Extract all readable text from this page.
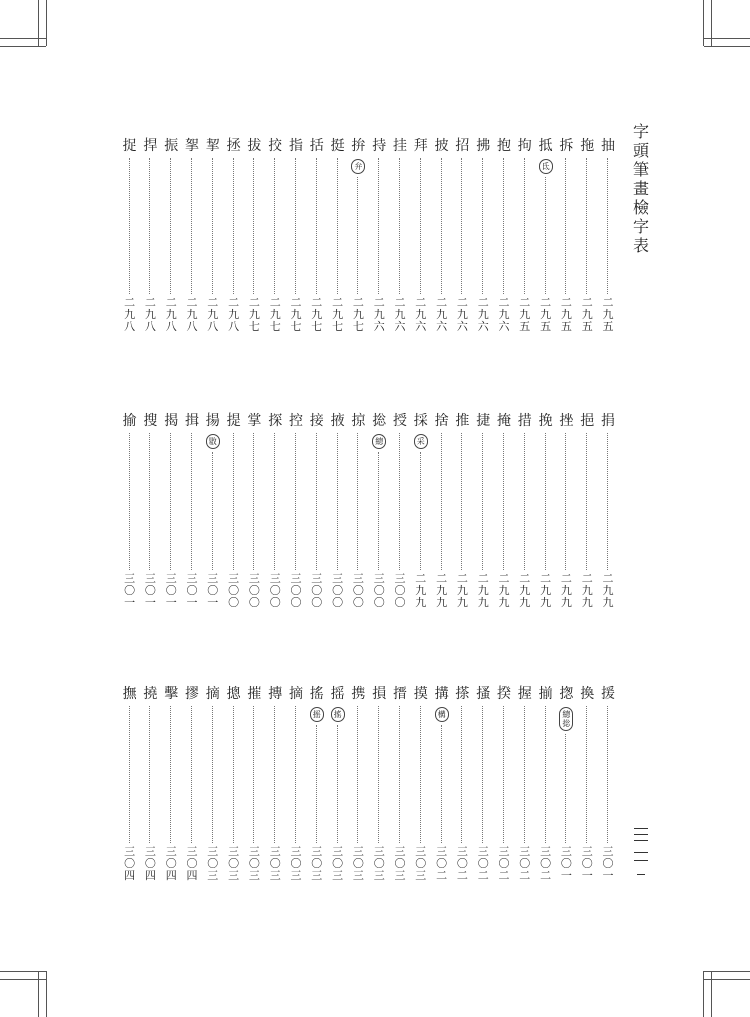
字
頭
筆
畫
檢
字
表
抽
二
九
五
拖
二
九
五
拆
二
九
五
抵
氐
二
九
五
拘
二
九
五
抱
二
九
六
拂
二
九
六
招
二
九
六
披
二
九
六
拜
二
九
六
挂
二
九
六
持
二
九
六
拚
弁
二
九
七
挺
二
九
七
括
二
九
七
指
二
九
七
挍
二
九
七
拔
二
九
七
拯
二
九
八
挈
二
九
八
挐
二
九
八
振
二
九
八
捍
二
九
八
捉
二
九
八
捐
二
九
九
挹
二
九
九
挫
二
九
九
挽
二
九
九
措
二
九
九
掩
二
九
九
捷
二
九
九
推
二
九
九
捨
二
九
九
採
采
二
九
九
授
三
〇
〇
捴
總
三
〇
〇
掠
三
〇
〇
掖
三
〇
〇
接
三
〇
〇
控
三
〇
〇
探
三
〇
〇
掌
三
〇
〇
提
三
〇
〇
揚
敭
三
〇
一
揖
三
〇
一
揭
三
〇
一
搜
三
〇
一
揄
三
〇
一
援
三
〇
一
換
三
〇
一
揔
總
捴
三
〇
一
揃
三
〇
二
握
三
〇
二
揆
三
〇
二
搔
三
〇
二
搽
三
〇
二
搆
構
三
〇
二
摸
三
〇
三
搢
三
〇
三
損
三
〇
三
携
三
〇
三
摇
搖
三
〇
三
搖
摇
三
〇
三
摘
三
〇
三
摶
三
〇
三
摧
三
〇
三
摠
三
〇
三
摘
三
〇
三
摎
三
〇
四
擊
三
〇
四
撓
三
〇
四
撫
三
〇
四
